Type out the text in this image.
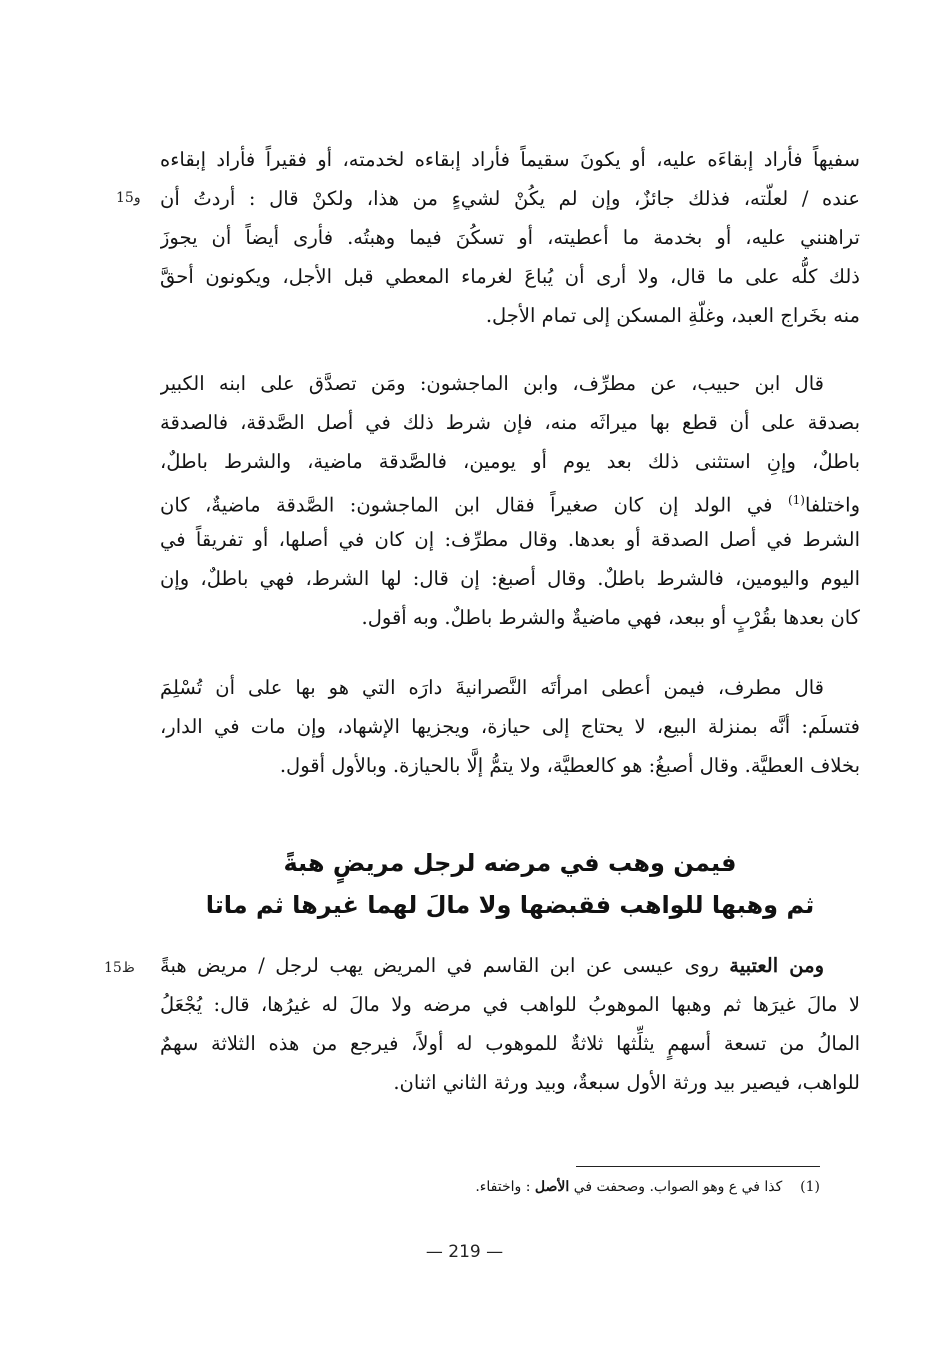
سفيهاً فأراد إبقاءَه عليه، أو يكونَ سقيماً فأراد إبقاءه لخدمته، أو فقيراً فأراد إبقاءه
عنده / لعلّته، فذلك جائزٌ، وإن لم يكُنْ لشيءٍ من هذا، ولكنْ قال : أردتُ أن
تراهنني عليه، أو بخدمة ما أعطيته، أو تسكُنَ فيما وهبتُه. فأرى أيضاً أن يجوزَ
ذلك كلُّه على ما قال، ولا أرى أن يُباعَ لغرماء المعطي قبل الأجل، ويكونون أحقَّ
منه بخَراج العبد، وغلّةِ المسكن إلى تمام الأجل.
و15
قال ابن حبيب، عن مطرِّف، وابن الماجشون: ومَن تصدَّق على ابنه الكبير
بصدقة على أن قطع بها ميراثَه منه، فإن شرط ذلك في أصل الصَّدقة، فالصدقة
باطلٌ، وإنِ استثنى ذلك بعد يوم أو يومين، فالصَّدقة ماضية، والشرط باطلٌ،
واختلفا$^{(1)}$ في الولد إن كان صغيراً فقال ابن الماجشون: الصَّدقة ماضيةٌ، كان
الشرط في أصل الصدقة أو بعدها. وقال مطرِّف: إن كان في أصلها، أو تفريقاً في
اليوم واليومين، فالشرط باطلٌ. وقال أصبغ: إن قال: لها الشرط، فهي باطلٌ، وإن
كان بعدها بقُرْبٍ أو ببعد، فهي ماضيةٌ والشرط باطلٌ. وبه أقول.
قال مطرف، فيمن أعطى امرأتَه النَّصرانيةَ دارَه التي هو بها على أن تُسْلِمَ
فتسلَم: أنَّه بمنزلة البيع، لا يحتاج إلى حيازة، ويجزيها الإشهاد، وإن مات في الدار،
بخلاف العطيَّة. وقال أصبغُ: هو كالعطيَّة، ولا يتمُّ إلَّا بالحيازة. وبالأول أقول.
فيمن وهب في مرضه لرجل مريضٍ هبةً
ثم وهبها للواهب فقبضها ولا مالَ لهما غيرها ثم ماتا
ومن العتبية روى عيسى عن ابن القاسم في المريض يهب لرجل / مريض هبةً
لا مالَ غيرَها ثم وهبها الموهوبُ للواهب في مرضه ولا مالَ له غيرُها، قال: يُجْعَلُ
المالُ من تسعة أسهمٍ يثلِّثها ثلاثةٌ للموهوب له أولاً، فيرجع من هذه الثلاثة سهمٌ
للواهب، فيصير بيد ورثة الأول سبعةٌ، وبيد ورثة الثاني اثنان.
ظ15
(1)    كذا في ع وهو الصواب. وصحفت في الأصل : واختفاء.
— 219 —
